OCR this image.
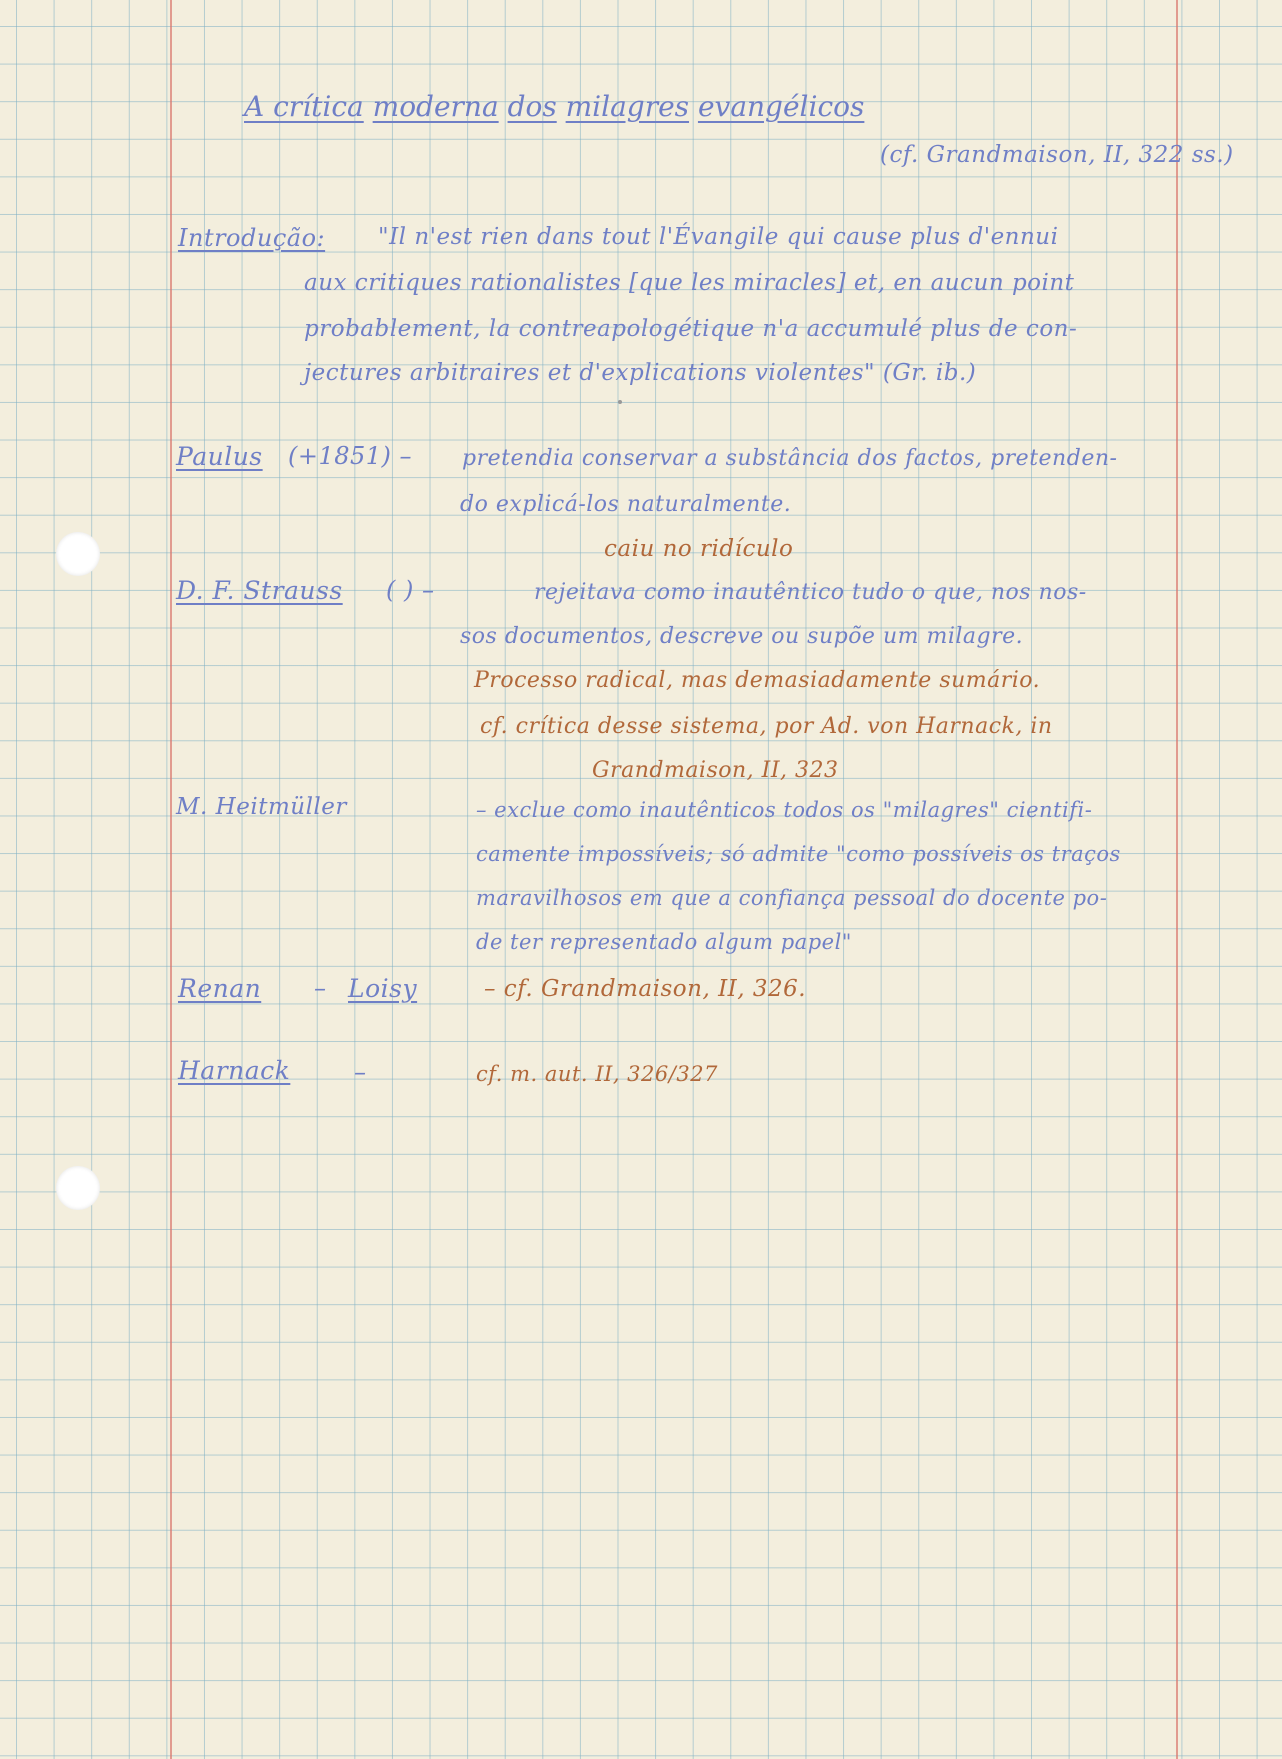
A crítica moderna dos milagres evangélicos
(cf. Grandmaison, II, 322 ss.)
Introdução: "Il n'est rien dans tout l'Évangile qui cause plus d'ennui
aux critiques rationalistes [que les miracles] et, en aucun point
probablement, la contreapologétique n'a accumulé plus de con-
jectures arbitraires et d'explications violentes" (Gr. ib.)
Paulus (+1851) – pretendia conservar a substância dos factos, pretenden-
do explicá-los naturalmente.
caiu no ridículo
D. F. Strauss ( ) –	rejeitava como inautêntico tudo o que, nos nos-
sos documentos, descreve ou supõe um milagre.
Processo radical, mas demasiadamente sumário.
cf. crítica desse sistema, por Ad. von Harnack, in
Grandmaison, II, 323
M. Heitmüller	– exclue como inautênticos todos os "milagres" cientifi-
camente impossíveis; só admite "como possíveis os traços
maravilhosos em que a confiança pessoal do docente po-
de ter representado algum papel"
Renan – Loisy	– cf. Grandmaison, II, 326.
Harnack	–	cf. m. aut. II, 326/327
